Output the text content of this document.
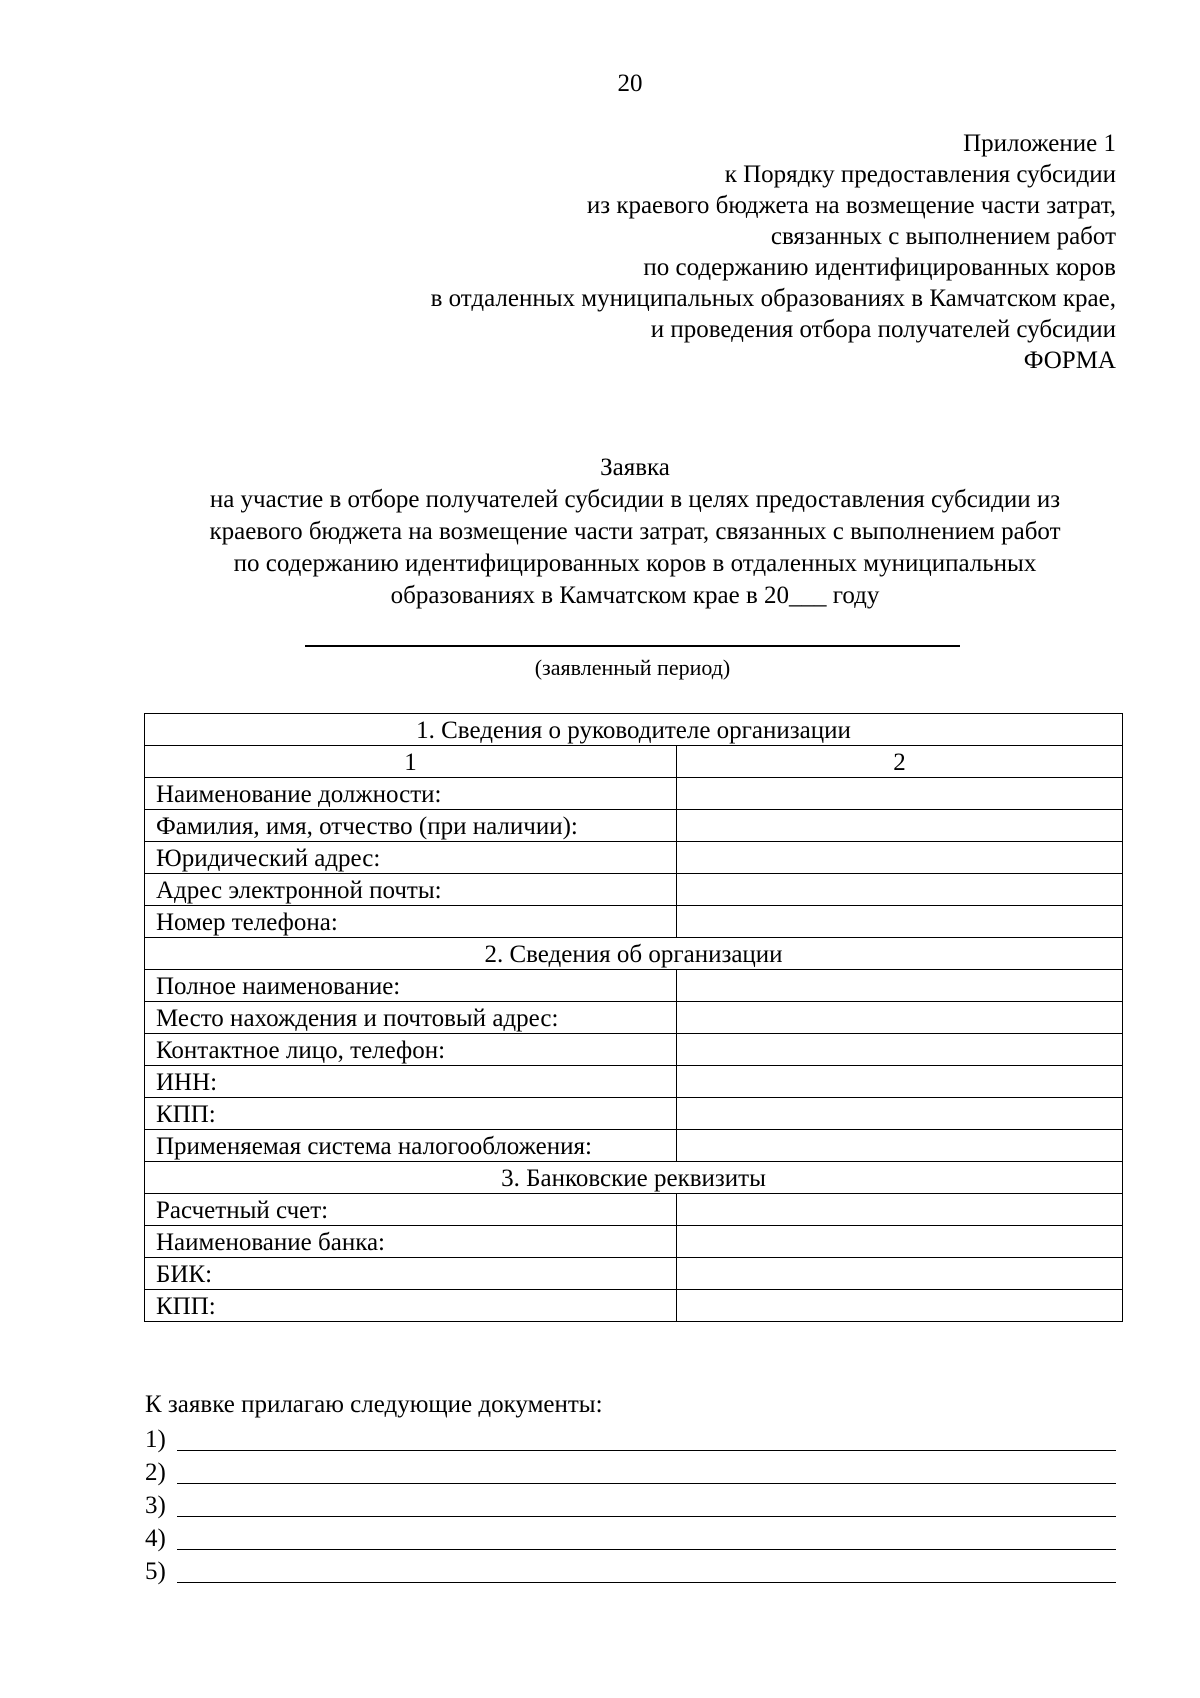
20
Приложение 1
к Порядку предоставления субсидии
из краевого бюджета на возмещение части затрат,
связанных с выполнением работ
по содержанию идентифицированных коров
в отдаленных муниципальных образованиях в Камчатском крае,
и проведения отбора получателей субсидии
ФОРМА
Заявка
на участие в отборе получателей субсидии в целях предоставления субсидии из
краевого бюджета на возмещение части затрат, связанных с выполнением работ
по содержанию идентифицированных коров в отдаленных муниципальных
образованиях в Камчатском крае в 20___ году
(заявленный период)
1. Сведения о руководителе организации	
1	2
Наименование должности:	
Фамилия, имя, отчество (при наличии):	
Юридический адрес:	
Адрес электронной почты:	
Номер телефона:	
2. Сведения об организации	
Полное наименование:	
Место нахождения и почтовый адрес:	
Контактное лицо, телефон:	
ИНН:	
КПП:	
Применяемая система налогообложения:	
3. Банковские реквизиты	
Расчетный счет:	
Наименование банка:	
БИК:	
КПП:	
К заявке прилагаю следующие документы:
1)
2)
3)
4)
5)
